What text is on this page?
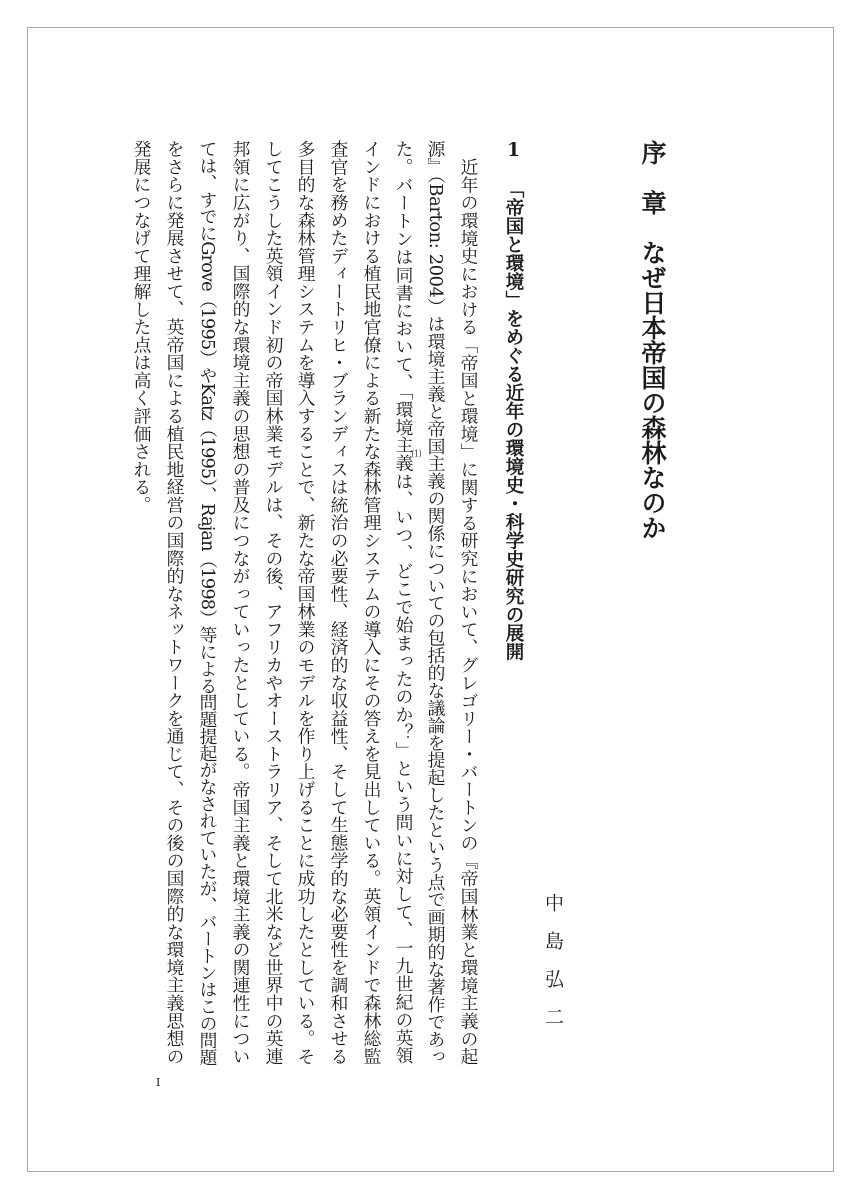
序　章　なぜ日本帝国の森林なのか
中　島　弘　二
1「帝国と環境」をめぐる近年の環境史・科学史研究の展開
近年の環境史における「帝国と環境」に関する研究において、グレゴリー・バートンの『帝国林業と環境主義の起
源』（Barton: 2004）は環境主義と帝国主義の関係についての包括的な議論を提起したという点で画期的な著作であっ
た。バートンは同書において、「環境主義(1)は、いつ、どこで始まったのか？」という問いに対して、一九世紀の英領
インドにおける植民地官僚による新たな森林管理システムの導入にその答えを見出している。英領インドで森林総監
査官を務めたディートリヒ・ブランディスは統治の必要性、経済的な収益性、そして生態学的な必要性を調和させる
多目的な森林管理システムを導入することで、新たな帝国林業のモデルを作り上げることに成功したとしている。そ
してこうした英領インド初の帝国林業モデルは、その後、アフリカやオーストラリア、そして北米など世界中の英連
邦領に広がり、国際的な環境主義の思想の普及につながっていったとしている。帝国主義と環境主義の関連性につい
ては、すでにGrove（1995）やKatz（1995）、Rajan（1998）等による問題提起がなされていたが、バートンはこの問題
をさらに発展させて、英帝国による植民地経営の国際的なネットワークを通じて、その後の国際的な環境主義思想の
発展につなげて理解した点は高く評価される。
I
